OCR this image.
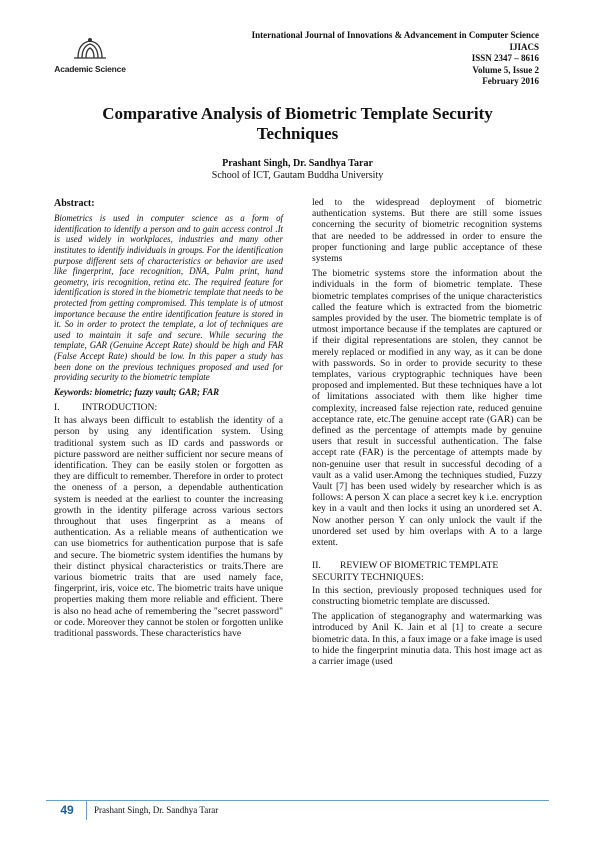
Academic Science
International Journal of Innovations & Advancement in Computer Science
IJIACS
ISSN 2347 – 8616
Volume 5, Issue 2
February 2016
Comparative Analysis of Biometric Template Security Techniques
Prashant Singh, Dr. Sandhya Tarar
School of ICT, Gautam Buddha University

Abstract:

Biometrics is used in computer science as a form of identification to identify a person and to gain access control .It is used widely in workplaces, industries and many other institutes to identify individuals in groups. For the identification purpose different sets of characteristics or behavior are used like fingerprint, face recognition, DNA, Palm print, hand geometry, iris recognition, retina etc. The required feature for identification is stored in the biometric template that needs to be protected from getting compromised. This template is of utmost importance because the entire identification feature is stored in it. So in order to protect the template, a lot of techniques are used to maintain it safe and secure. While securing the template, GAR (Genuine Accept Rate) should be high and FAR (False Accept Rate) should be low. In this paper a study has been done on the previous techniques proposed and used for providing security to the biometric template

Keywords: biometric; fuzzy vault; GAR; FAR

I. INTRODUCTION:

It has always been difficult to establish the identity of a person by using any identification system. Using traditional system such as ID cards and passwords or picture password are neither sufficient nor secure means of identification. They can be easily stolen or forgotten as they are difficult to remember. Therefore in order to protect the oneness of a person, a dependable authentication system is needed at the earliest to counter the increasing growth in the identity pilferage across various sectors throughout that uses fingerprint as a means of authentication. As a reliable means of authentication we can use biometrics for authentication purpose that is safe and secure. The biometric system identifies the humans by their distinct physical characteristics or traits.There are various biometric traits that are used namely face, fingerprint, iris, voice etc. The biometric traits have unique properties making them more reliable and efficient. There is also no head ache of remembering the "secret password" or code. Moreover they cannot be stolen or forgotten unlike traditional passwords. These characteristics have

led to the widespread deployment of biometric authentication systems. But there are still some issues concerning the security of biometric recognition systems that are needed to be addressed in order to ensure the proper functioning and large public acceptance of these systems

The biometric systems store the information about the individuals in the form of biometric template. These biometric templates comprises of the unique characteristics called the feature which is extracted from the biometric samples provided by the user. The biometric template is of utmost importance because if the templates are captured or if their digital representations are stolen, they cannot be merely replaced or modified in any way, as it can be done with passwords. So in order to provide security to these templates, various cryptographic techniques have been proposed and implemented. But these techniques have a lot of limitations associated with them like higher time complexity, increased false rejection rate, reduced genuine acceptance rate, etc.The genuine accept rate (GAR) can be defined as the percentage of attempts made by genuine users that result in successful authentication. The false accept rate (FAR) is the percentage of attempts made by non-genuine user that result in successful decoding of a vault as a valid user.Among the techniques studied, Fuzzy Vault [7] has been used widely by researcher which is as follows: A person X can place a secret key k i.e. encryption key in a vault and then locks it using an unordered set A. Now another person Y can only unlock the vault if the unordered set used by him overlaps with A to a large extent.

II. REVIEW OF BIOMETRIC TEMPLATE SECURITY TECHNIQUES:

In this section, previously proposed techniques used for constructing biometric template are discussed.

The application of steganography and watermarking was introduced by Anil K. Jain et al [1] to create a secure biometric data. In this, a faux image or a fake image is used to hide the fingerprint minutia data. This host image act as a carrier image (used

49	Prashant Singh, Dr. Sandhya Tarar
